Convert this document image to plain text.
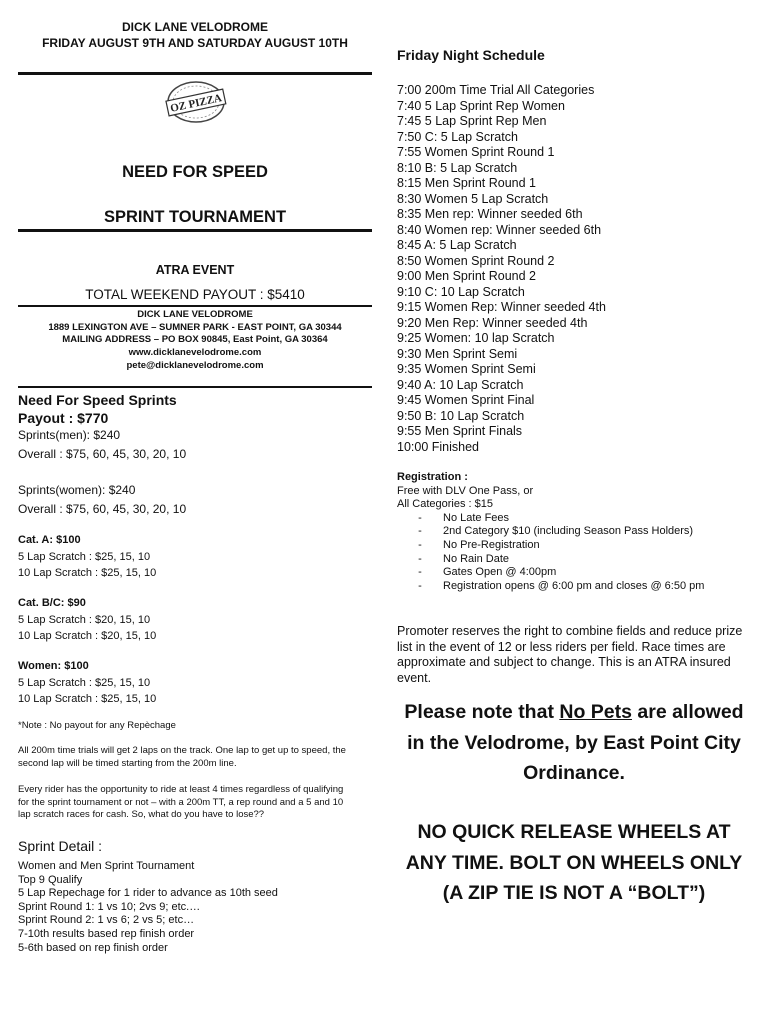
DICK LANE VELODROME
FRIDAY AUGUST 9TH AND SATURDAY AUGUST 10TH
OZ PIZZA
NEED FOR SPEED
SPRINT TOURNAMENT
ATRA EVENT
TOTAL WEEKEND PAYOUT : $5410
DICK LANE VELODROME
1889 LEXINGTON AVE – SUMNER PARK - EAST POINT, GA 30344
MAILING ADDRESS – PO BOX 90845, East Point, GA 30364
www.dicklanevelodrome.com
pete@dicklanevelodrome.com
Need For Speed Sprints
Payout : $770
Sprints(men): $240
Overall : $75, 60, 45, 30, 20, 10
Sprints(women): $240
Overall : $75, 60, 45, 30, 20, 10
Cat. A: $100
5 Lap Scratch : $25, 15, 10
10 Lap Scratch : $25, 15, 10
Cat. B/C: $90
5 Lap Scratch : $20, 15, 10
10 Lap Scratch : $20, 15, 10
Women: $100
5 Lap Scratch : $25, 15, 10
10 Lap Scratch : $25, 15, 10
*Note : No payout for any Repèchage
All 200m time trials will get 2 laps on the track. One lap to get up to speed, the
second lap will be timed starting from the 200m line.
Every rider has the opportunity to ride at least 4 times regardless of qualifying
for the sprint tournament or not – with a 200m TT, a rep round and a 5 and 10
lap scratch races for cash. So, what do you have to lose??
Sprint Detail :
Women and Men Sprint Tournament
Top 9 Qualify
5 Lap Repechage for 1 rider to advance as 10th seed
Sprint Round 1: 1 vs 10; 2vs 9; etc.…
Sprint Round 2: 1 vs 6; 2 vs 5; etc…
7-10th results based rep finish order
5-6th based on rep finish order
Friday Night Schedule
7:00 200m Time Trial All Categories
7:40 5 Lap Sprint Rep Women
7:45 5 Lap Sprint Rep Men
7:50 C: 5 Lap Scratch
7:55 Women Sprint Round 1
8:10 B: 5 Lap Scratch
8:15 Men Sprint Round 1
8:30 Women 5 Lap Scratch
8:35 Men rep: Winner seeded 6th
8:40 Women rep: Winner seeded 6th
8:45 A: 5 Lap Scratch
8:50 Women Sprint Round 2
9:00 Men Sprint Round 2
9:10 C: 10 Lap Scratch
9:15 Women Rep: Winner seeded 4th
9:20 Men Rep: Winner seeded 4th
9:25 Women: 10 lap Scratch
9:30 Men Sprint Semi
9:35 Women Sprint Semi
9:40 A: 10 Lap Scratch
9:45 Women Sprint Final
9:50 B: 10 Lap Scratch
9:55 Men Sprint Finals
10:00 Finished
Registration :
Free with DLV One Pass, or
All Categories : $15
- No Late Fees
- 2nd Category $10 (including Season Pass Holders)
- No Pre-Registration
- No Rain Date
- Gates Open @ 4:00pm
- Registration opens @ 6:00 pm and closes @ 6:50 pm
Promoter reserves the right to combine fields and reduce prize
list in the event of 12 or less riders per field. Race times are
approximate and subject to change. This is an ATRA insured
event.
Please note that No Pets are allowed
in the Velodrome, by East Point City
Ordinance.
NO QUICK RELEASE WHEELS AT
ANY TIME. BOLT ON WHEELS ONLY
(A ZIP TIE IS NOT A “BOLT”)
